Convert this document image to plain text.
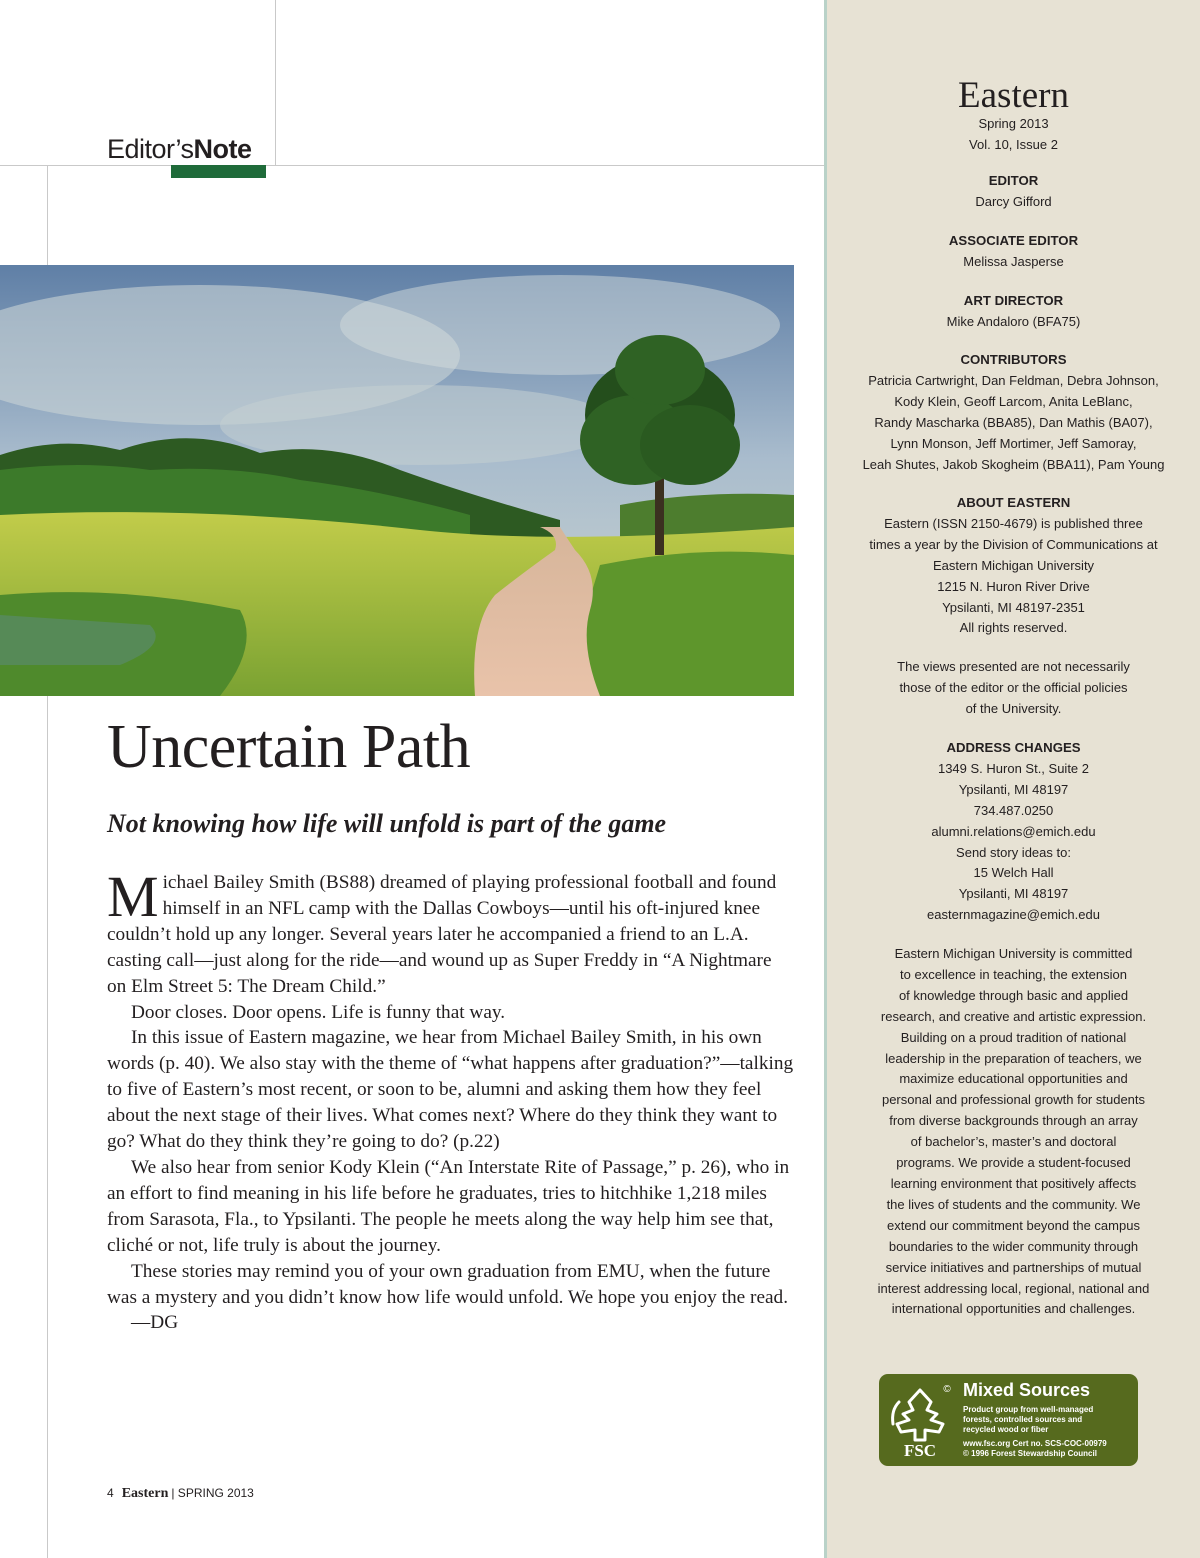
Editor’sNote
Uncertain Path
Not knowing how life will unfold is part of the game

Michael Bailey Smith (BS88) dreamed of playing professional football and found himself in an NFL camp with the Dallas Cowboys—until his oft-injured knee couldn’t hold up any longer. Several years later he accompanied a friend to an L.A. casting call—just along for the ride—and wound up as Super Freddy in “A Nightmare on Elm Street 5: The Dream Child.”

Door closes. Door opens. Life is funny that way.

In this issue of Eastern magazine, we hear from Michael Bailey Smith, in his own words (p. 40). We also stay with the theme of “what happens after graduation?”—talking to five of Eastern’s most recent, or soon to be, alumni and asking them how they feel about the next stage of their lives. What comes next? Where do they think they want to go? What do they think they’re going to do? (p.22)

We also hear from senior Kody Klein (“An Interstate Rite of Passage,” p. 26), who in an effort to find meaning in his life before he graduates, tries to hitchhike 1,218 miles from Sarasota, Fla., to Ypsilanti. The people he meets along the way help him see that, cliché or not, life truly is about the journey.

These stories may remind you of your own graduation from EMU, when the future was a mystery and you didn’t know how life would unfold. We hope you enjoy the read.

—DG

4 Eastern | SPRING 2013
Eastern
Spring 2013
Vol. 10, Issue 2
EDITOR
Darcy Gifford
ASSOCIATE EDITOR
Melissa Jasperse
ART DIRECTOR
Mike Andaloro (BFA75)
CONTRIBUTORS
Patricia Cartwright, Dan Feldman, Debra Johnson,
Kody Klein, Geoff Larcom, Anita LeBlanc,
Randy Mascharka (BBA85), Dan Mathis (BA07),
Lynn Monson, Jeff Mortimer, Jeff Samoray,
Leah Shutes, Jakob Skogheim (BBA11), Pam Young
ABOUT EASTERN
Eastern (ISSN 2150-4679) is published three
times a year by the Division of Communications at
Eastern Michigan University
1215 N. Huron River Drive
Ypsilanti, MI 48197-2351
All rights reserved.
The views presented are not necessarily
those of the editor or the official policies
of the University.
ADDRESS CHANGES
1349 S. Huron St., Suite 2
Ypsilanti, MI 48197
734.487.0250
alumni.relations@emich.edu
Send story ideas to:
15 Welch Hall
Ypsilanti, MI 48197
easternmagazine@emich.edu
Eastern Michigan University is committed
to excellence in teaching, the extension
of knowledge through basic and applied
research, and creative and artistic expression.
Building on a proud tradition of national
leadership in the preparation of teachers, we
maximize educational opportunities and
personal and professional growth for students
from diverse backgrounds through an array
of bachelor’s, master’s and doctoral
programs. We provide a student-focused
learning environment that positively affects
the lives of students and the community. We
extend our commitment beyond the campus
boundaries to the wider community through
service initiatives and partnerships of mutual
interest addressing local, regional, national and
international opportunities and challenges.
FSC
© Mixed Sources
Product group from well-managed
forests, controlled sources and
recycled wood or fiber
www.fsc.org Cert no. SCS-COC-00979
© 1996 Forest Stewardship Council
